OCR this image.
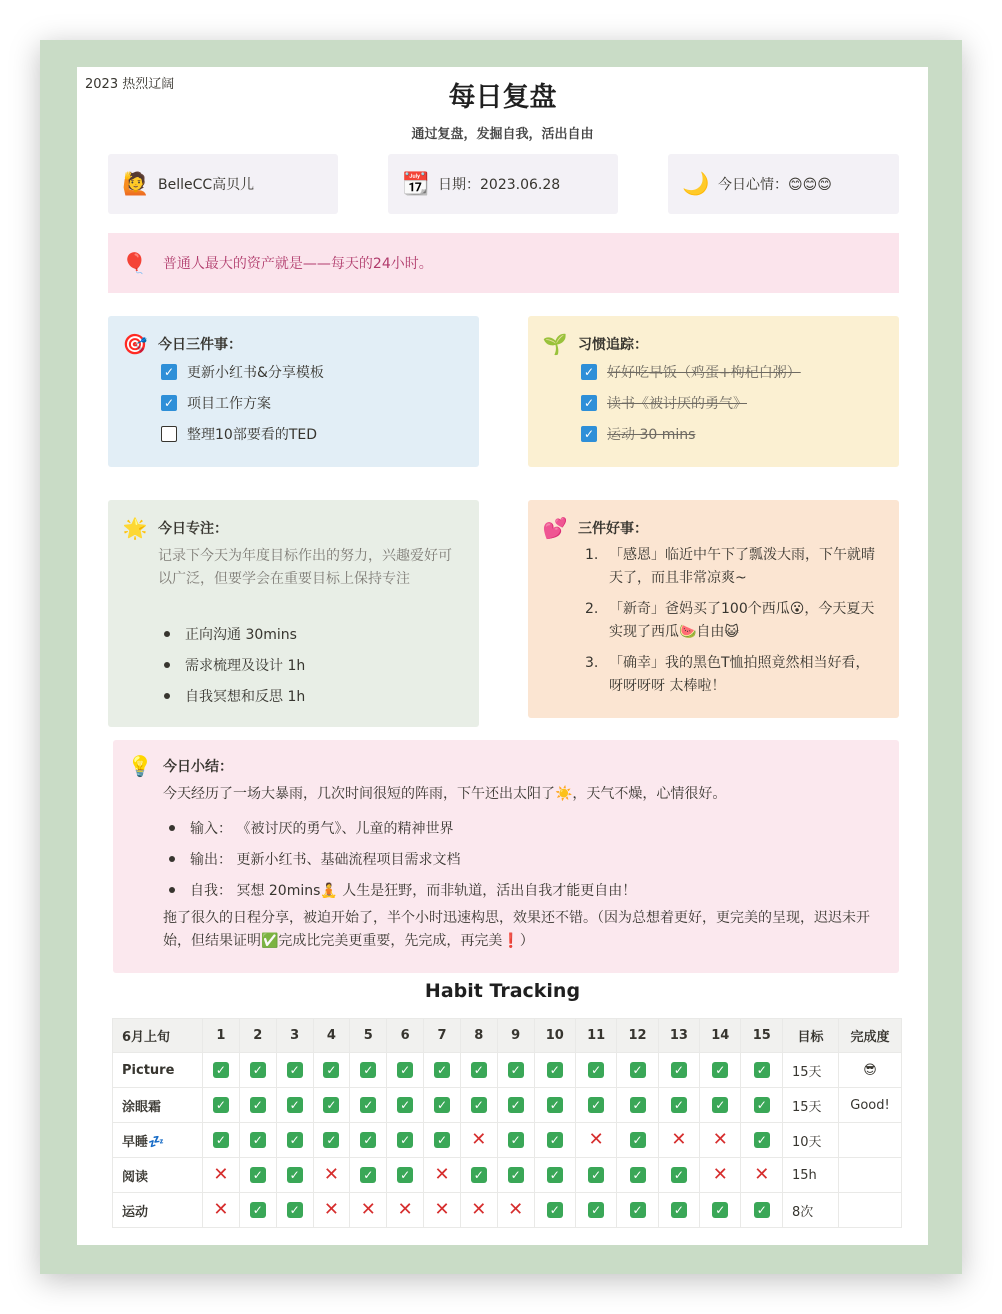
2023 热烈辽阔	每日复盘
通过复盘，发掘自我，活出自由
🙋 BelleCC高贝儿	📆 日期：2023.06.28	🌙 今日心情：😊😊😊
🎈 普通人最大的资产就是——每天的24小时。
🎯 今日三件事：
✓ 更新小红书&分享模板
✓ 项目工作方案
整理10部要看的TED
🌱 习惯追踪：
✓ 好好吃早饭（鸡蛋+枸杞白粥）
✓ 读书《被讨厌的勇气》
✓ 运动 30 mins
🌟 今日专注：
记录下今天为年度目标作出的努力，兴趣爱好可以广泛，但要学会在重要目标上保持专注
正向沟通 30mins
需求梳理及设计 1h
自我冥想和反思 1h
💕 三件好事：
1. 「感恩」临近中午下了瓢泼大雨，下午就晴天了，而且非常凉爽~
2. 「新奇」爸妈买了100个西瓜😮，今天夏天实现了西瓜🍉自由😺
3. 「确幸」我的黑色T恤拍照竟然相当好看，呀呀呀呀 太棒啦！
💡 今日小结：
今天经历了一场大暴雨，几次时间很短的阵雨，下午还出太阳了☀️，天气不燥，心情很好。
输入： 《被讨厌的勇气》、儿童的精神世界
输出： 更新小红书、基础流程项目需求文档
自我： 冥想 20mins🧘 人生是狂野，而非轨道，活出自我才能更自由！
拖了很久的日程分享，被迫开始了，半个小时迅速构思，效果还不错。（因为总想着更好，更完美的呈现，迟迟未开始，但结果证明✅完成比完美更重要，先完成，再完美❗）
Habit Tracking
6月上旬	1	2	3	4	5	6	7	8	9	10	11	12	13	14	15	目标	完成度
Picture	✓	✓	✓	✓	✓	✓	✓	✓	✓	✓	✓	✓	✓	✓	✓	15天	😎
涂眼霜	✓	✓	✓	✓	✓	✓	✓	✓	✓	✓	✓	✓	✓	✓	✓	15天	Good!
早睡💤	✓	✓	✓	✓	✓	✓	✓	✕	✓	✓	✕	✓	✕	✕	✓	10天	
阅读	✕	✓	✓	✕	✓	✓	✕	✓	✓	✓	✓	✓	✓	✕	✕	15h	
运动	✕	✓	✓	✕	✕	✕	✕	✕	✕	✓	✓	✓	✓	✓	✓	8次	
